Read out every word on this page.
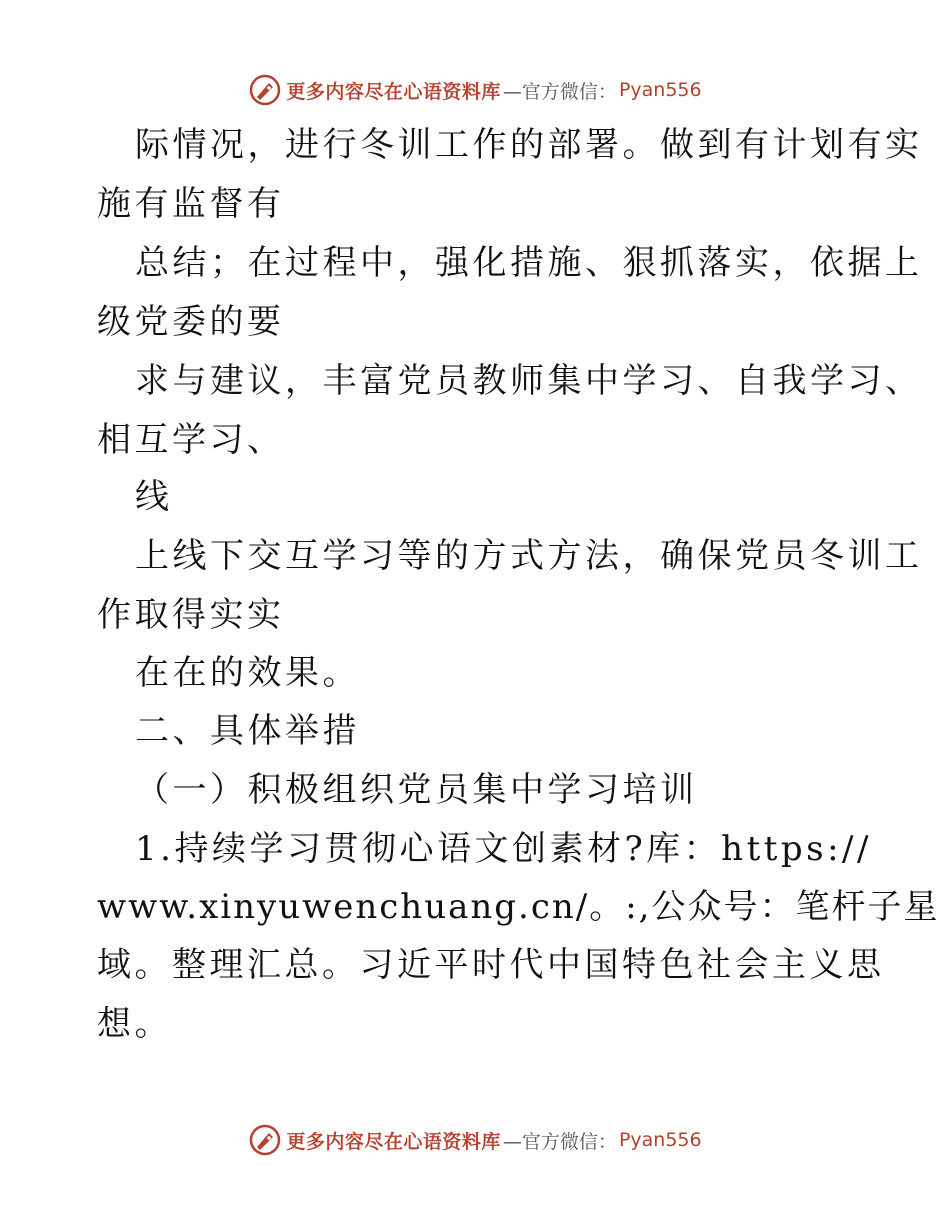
更多内容尽在心语资料库 —官方微信： Pyan556
际情况，进行冬训工作的部署。做到有计划有实
施有监督有
总结；在过程中，强化措施、狠抓落实，依据上
级党委的要
求与建议，丰富党员教师集中学习、自我学习、
相互学习、
线
上线下交互学习等的方式方法，确保党员冬训工
作取得实实
在在的效果。
二、具体举措
（一）积极组织党员集中学习培训
1.持续学习贯彻心语文创素材?库：https://
www.xinyuwenchuang.cn/。:,公众号：笔杆子星
域。整理汇总。习近平时代中国特色社会主义思
想。
更多内容尽在心语资料库 —官方微信： Pyan556
